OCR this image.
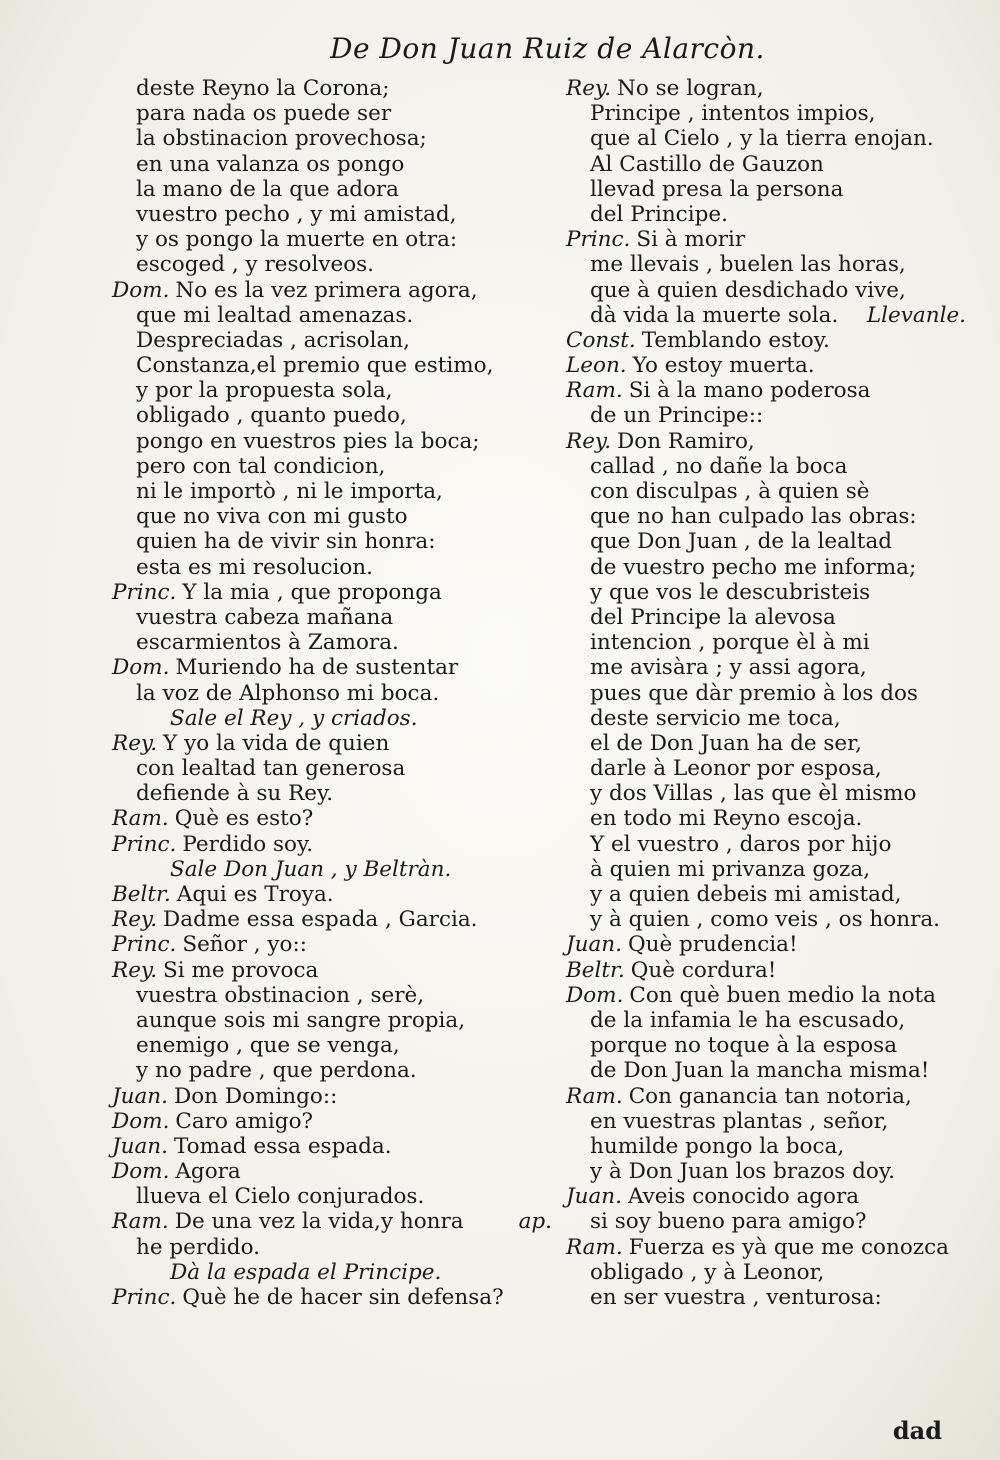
De Don Juan Ruiz de Alarcòn.
deste Reyno la Corona;
para nada os puede ser
la obstinacion provechosa;
en una valanza os pongo
la mano de la que adora
vuestro pecho , y mi amistad,
y os pongo la muerte en otra:
escoged , y resolveos.
Dom. No es la vez primera agora,
que mi lealtad amenazas.
Despreciadas , acrisolan,
Constanza,el premio que estimo,
y por la propuesta sola,
obligado , quanto puedo,
pongo en vuestros pies la boca;
pero con tal condicion,
ni le importò , ni le importa,
que no viva con mi gusto
quien ha de vivir sin honra:
esta es mi resolucion.
Princ. Y la mia , que proponga
vuestra cabeza mañana
escarmientos à Zamora.
Dom. Muriendo ha de sustentar
la voz de Alphonso mi boca.
Sale el Rey , y criados.
Rey. Y yo la vida de quien
con lealtad tan generosa
defiende à su Rey.
Ram. Què es esto?
Princ. Perdido soy.
Sale Don Juan , y Beltràn.
Beltr. Aqui es Troya.
Rey. Dadme essa espada , Garcia.
Princ. Señor , yo::
Rey. Si me provoca
vuestra obstinacion , serè,
aunque sois mi sangre propia,
enemigo , que se venga,
y no padre , que perdona.
Juan. Don Domingo::
Dom. Caro amigo?
Juan. Tomad essa espada.
Dom. Agora
llueva el Cielo conjurados.
Ram. De una vez la vida,y honra	ap.
he perdido.
Dà la espada el Principe.
Princ. Què he de hacer sin defensa?
Rey. No se logran,
Principe , intentos impios,
que al Cielo , y la tierra enojan.
Al Castillo de Gauzon
llevad presa la persona
del Principe.
Princ. Si à morir
me llevais , buelen las horas,
que à quien desdichado vive,
dà vida la muerte sola. Llevanle.
Const. Temblando estoy.
Leon. Yo estoy muerta.
Ram. Si à la mano poderosa
de un Principe::
Rey. Don Ramiro,
callad , no dañe la boca
con disculpas , à quien sè
que no han culpado las obras:
que Don Juan , de la lealtad
de vuestro pecho me informa;
y que vos le descubristeis
del Principe la alevosa
intencion , porque èl à mi
me avisàra ; y assi agora,
pues que dàr premio à los dos
deste servicio me toca,
el de Don Juan ha de ser,
darle à Leonor por esposa,
y dos Villas , las que èl mismo
en todo mi Reyno escoja.
Y el vuestro , daros por hijo
à quien mi privanza goza,
y a quien debeis mi amistad,
y à quien , como veis , os honra.
Juan. Què prudencia!
Beltr. Què cordura!
Dom. Con què buen medio la nota
de la infamia le ha escusado,
porque no toque à la esposa
de Don Juan la mancha misma!
Ram. Con ganancia tan notoria,
en vuestras plantas , señor,
humilde pongo la boca,
y à Don Juan los brazos doy.
Juan. Aveis conocido agora
si soy bueno para amigo?
Ram. Fuerza es yà que me conozca
obligado , y à Leonor,
en ser vuestra , venturosa:
dad
